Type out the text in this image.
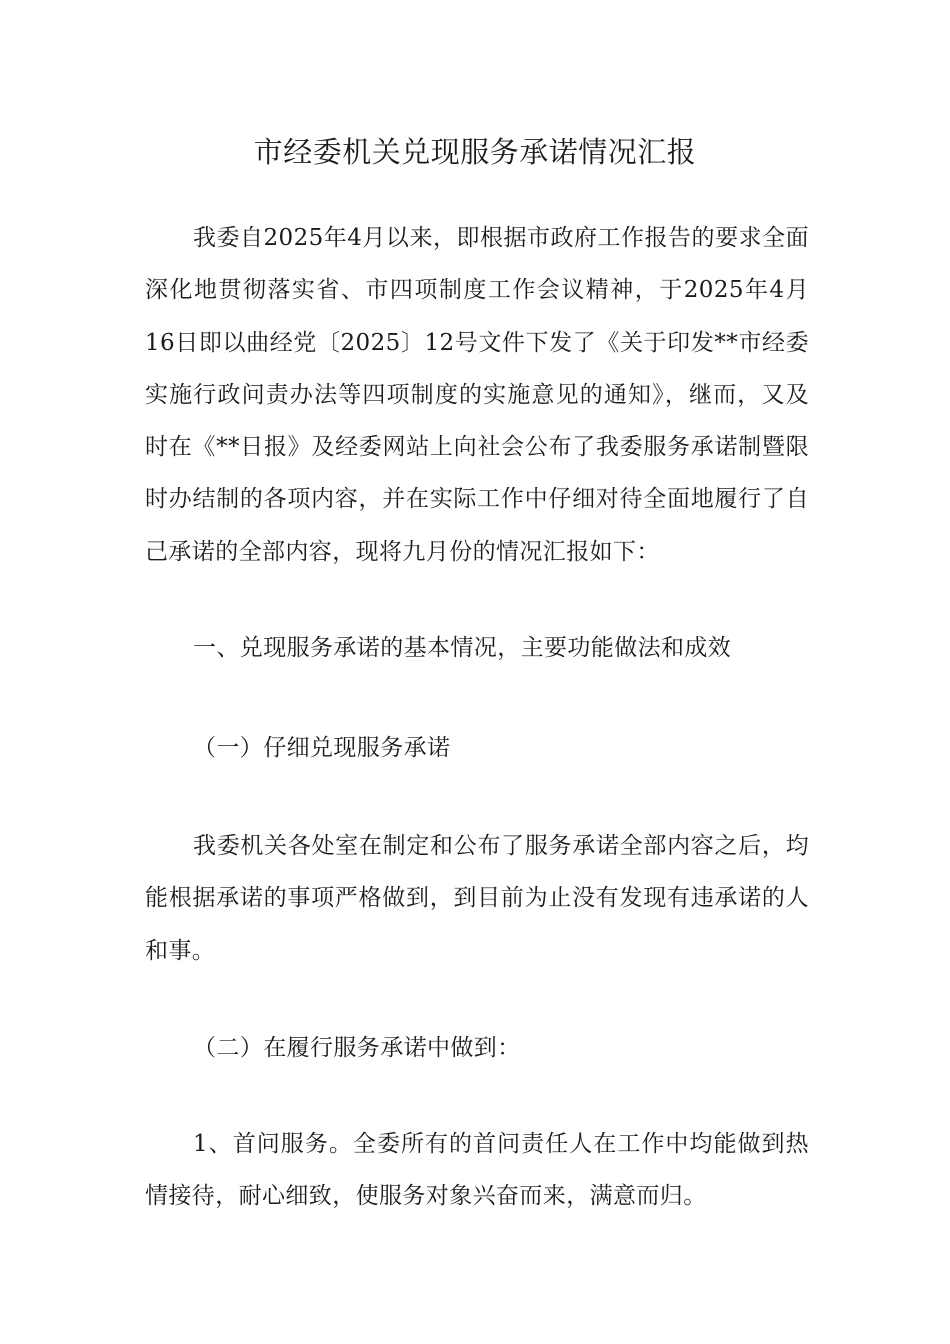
市经委机关兑现服务承诺情况汇报

我委自2025年4月以来，即根据市政府工作报告的要求全面深化地贯彻落实省、市四项制度工作会议精神，于2025年4月16日即以曲经党〔2025〕12号文件下发了《关于印发**市经委实施行政问责办法等四项制度的实施意见的通知》，继而，又及时在《**日报》及经委网站上向社会公布了我委服务承诺制暨限时办结制的各项内容，并在实际工作中仔细对待全面地履行了自己承诺的全部内容，现将九月份的情况汇报如下：

一、兑现服务承诺的基本情况，主要功能做法和成效

（一）仔细兑现服务承诺

我委机关各处室在制定和公布了服务承诺全部内容之后，均能根据承诺的事项严格做到，到目前为止没有发现有违承诺的人和事。

（二）在履行服务承诺中做到：

1、首问服务。全委所有的首问责任人在工作中均能做到热情接待，耐心细致，使服务对象兴奋而来，满意而归。
